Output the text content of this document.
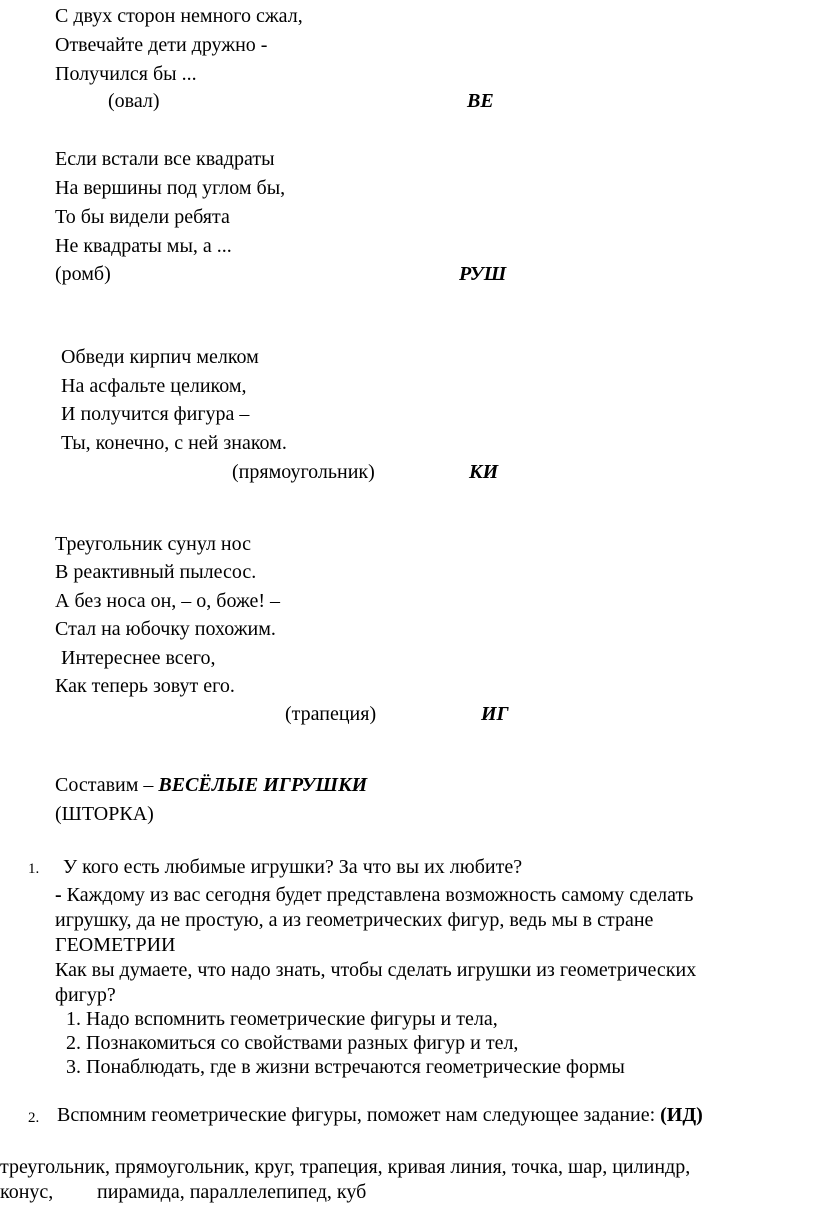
С двух сторон немного сжал,
Отвечайте дети дружно -
Получился бы ...
(овал)	ВЕ
Если встали все квадраты
На вершины под углом бы,
То бы видели ребята
Не квадраты мы, а ...
(ромб)	РУШ
Обведи кирпич мелком
На асфальте целиком,
И получится фигура –
Ты, конечно, с ней знаком.
(прямоугольник)	КИ
Треугольник сунул нос
В реактивный пылесос.
А без носа он, – о, боже! –
Стал на юбочку похожим.
Интереснее всего,
Как теперь зовут его.
(трапеция)	ИГ
Составим – ВЕСЁЛЫЕ ИГРУШКИ
(ШТОРКА)
1. У кого есть любимые игрушки? За что вы их любите?
- Каждому из вас сегодня будет представлена возможность самому сделать
игрушку, да не простую, а из геометрических фигур, ведь мы в стране
ГЕОМЕТРИИ
Как вы думаете, что надо знать, чтобы сделать игрушки из геометрических
фигур?
1. Надо вспомнить геометрические фигуры и тела,
2. Познакомиться со свойствами разных фигур и тел,
3. Понаблюдать, где в жизни встречаются геометрические формы
2. Вспомним геометрические фигуры, поможет нам следующее задание: (ИД)
треугольник, прямоугольник, круг, трапеция, кривая линия, точка, шар, цилиндр,
конус, пирамида, параллелепипед, куб
